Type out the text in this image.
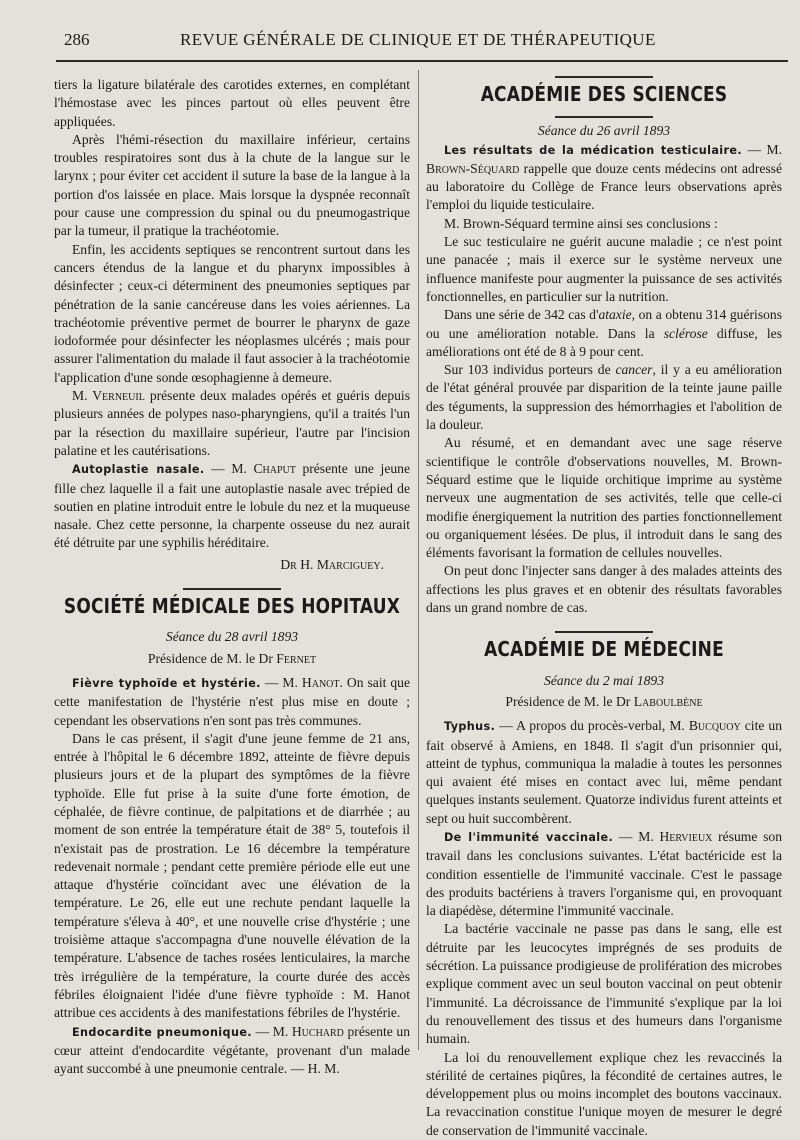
286	REVUE GÉNÉRALE DE CLINIQUE ET DE THÉRAPEUTIQUE

tiers la ligature bilatérale des carotides externes, en complétant l'hémostase avec les pinces partout où elles peuvent être appliquées.

Après l'hémi-résection du maxillaire inférieur, certains troubles respiratoires sont dus à la chute de la langue sur le larynx ; pour éviter cet accident il suture la base de la langue à la portion d'os laissée en place. Mais lorsque la dyspnée reconnaît pour cause une compression du spinal ou du pneumogastrique par la tumeur, il pratique la trachéotomie.

Enfin, les accidents septiques se rencontrent surtout dans les cancers étendus de la langue et du pharynx impossibles à désinfecter ; ceux-ci déterminent des pneumonies septiques par pénétration de la sanie cancéreuse dans les voies aériennes. La trachéotomie préventive permet de bourrer le pharynx de gaze iodoformée pour désinfecter les néoplasmes ulcérés ; mais pour assurer l'alimentation du malade il faut associer à la trachéotomie l'application d'une sonde œsophagienne à demeure.

M. Verneuil présente deux malades opérés et guéris depuis plusieurs années de polypes naso-pharyngiens, qu'il a traités l'un par la résection du maxillaire supérieur, l'autre par l'incision palatine et les cautérisations.

Autoplastie nasale. — M. Chaput présente une jeune fille chez laquelle il a fait une autoplastie nasale avec trépied de soutien en platine introduit entre le lobule du nez et la muqueuse nasale. Chez cette personne, la charpente osseuse du nez aurait été détruite par une syphilis héréditaire.

Dr H. Marciguey.
SOCIÉTÉ MÉDICALE DES HOPITAUX
Séance du 28 avril 1893
Présidence de M. le Dr Fernet

Fièvre typhoïde et hystérie. — M. Hanot. On sait que cette manifestation de l'hystérie n'est plus mise en doute ; cependant les observations n'en sont pas très communes.

Dans le cas présent, il s'agit d'une jeune femme de 21 ans, entrée à l'hôpital le 6 décembre 1892, atteinte de fièvre depuis plusieurs jours et de la plupart des symptômes de la fièvre typhoïde. Elle fut prise à la suite d'une forte émotion, de céphalée, de fièvre continue, de palpitations et de diarrhée ; au moment de son entrée la température était de 38° 5, toutefois il n'existait pas de prostration. Le 16 décembre la température redevenait normale ; pendant cette première période elle eut une attaque d'hystérie coïncidant avec une élévation de la température. Le 26, elle eut une rechute pendant laquelle la température s'éleva à 40°, et une nouvelle crise d'hystérie ; une troisième attaque s'accompagna d'une nouvelle élévation de la température. L'absence de taches rosées lenticulaires, la marche très irrégulière de la température, la courte durée des accès fébriles éloignaient l'idée d'une fièvre typhoïde : M. Hanot attribue ces accidents à des manifestations fébriles de l'hystérie.

Endocardite pneumonique. — M. Huchard présente un cœur atteint d'endocardite végétante, provenant d'un malade ayant succombé à une pneumonie centrale. — H. M.

ACADÉMIE DES SCIENCES
Séance du 26 avril 1893

Les résultats de la médication testiculaire. — M. Brown-Séquard rappelle que douze cents médecins ont adressé au laboratoire du Collège de France leurs observations après l'emploi du liquide testiculaire.

M. Brown-Séquard termine ainsi ses conclusions :

Le suc testiculaire ne guérit aucune maladie ; ce n'est point une panacée ; mais il exerce sur le système nerveux une influence manifeste pour augmenter la puissance de ses activités fonctionnelles, en particulier sur la nutrition.

Dans une série de 342 cas d'ataxie, on a obtenu 314 guérisons ou une amélioration notable. Dans la sclérose diffuse, les améliorations ont été de 8 à 9 pour cent.

Sur 103 individus porteurs de cancer, il y a eu amélioration de l'état général prouvée par disparition de la teinte jaune paille des téguments, la suppression des hémorrhagies et l'abolition de la douleur.

Au résumé, et en demandant avec une sage réserve scientifique le contrôle d'observations nouvelles, M. Brown-Séquard estime que le liquide orchitique imprime au système nerveux une augmentation de ses activités, telle que celle-ci modifie énergiquement la nutrition des parties fonctionnellement ou organiquement lésées. De plus, il introduit dans le sang des éléments favorisant la formation de cellules nouvelles.

On peut donc l'injecter sans danger à des malades atteints des affections les plus graves et en obtenir des résultats favorables dans un grand nombre de cas.

ACADÉMIE DE MÉDECINE
Séance du 2 mai 1893
Présidence de M. le Dr Laboulbène

Typhus. — A propos du procès-verbal, M. Bucquoy cite un fait observé à Amiens, en 1848. Il s'agit d'un prisonnier qui, atteint de typhus, communiqua la maladie à toutes les personnes qui avaient été mises en contact avec lui, même pendant quelques instants seulement. Quatorze individus furent atteints et sept ou huit succombèrent.

De l'immunité vaccinale. — M. Hervieux résume son travail dans les conclusions suivantes. L'état bactéricide est la condition essentielle de l'immunité vaccinale. C'est le passage des produits bactériens à travers l'organisme qui, en provoquant la diapédèse, détermine l'immunité vaccinale.

La bactérie vaccinale ne passe pas dans le sang, elle est détruite par les leucocytes imprégnés de ses produits de sécrétion. La puissance prodigieuse de prolifération des microbes explique comment avec un seul bouton vaccinal on peut obtenir l'immunité. La décroissance de l'immunité s'explique par la loi du renouvellement des tissus et des humeurs dans l'organisme humain.

La loi du renouvellement explique chez les revaccinés la stérilité de certaines piqûres, la fécondité de certaines autres, le développement plus ou moins incomplet des boutons vaccinaux. La revaccination constitue l'unique moyen de mesurer le degré de conservation de l'immunité vaccinale.
